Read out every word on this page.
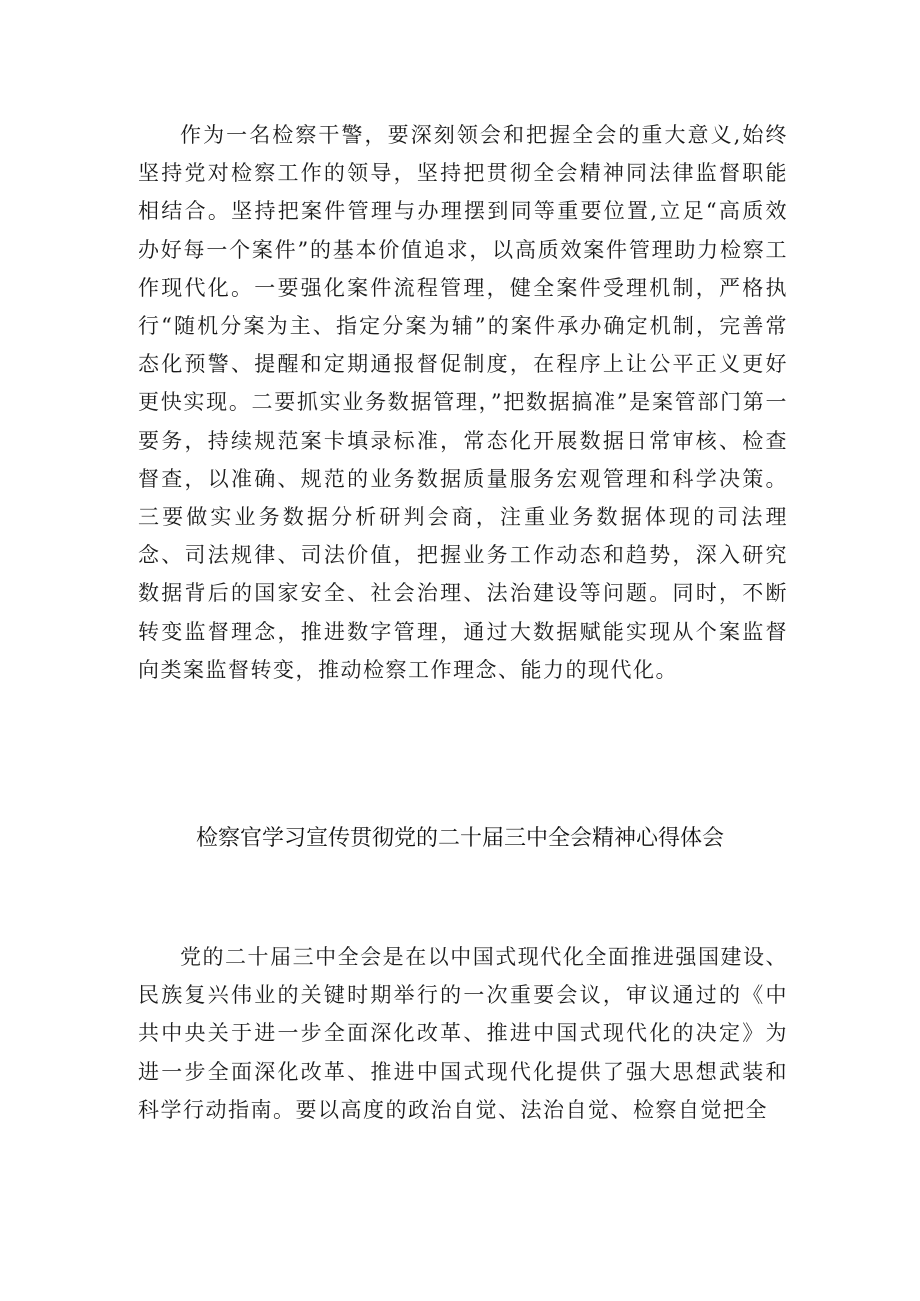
作为一名检察干警，要深刻领会和把握全会的重大意义,始终坚持党对检察工作的领导，坚持把贯彻全会精神同法律监督职能相结合。坚持把案件管理与办理摆到同等重要位置,立足“高质效办好每一个案件”的基本价值追求，以高质效案件管理助力检察工作现代化。一要强化案件流程管理，健全案件受理机制，严格执行“随机分案为主、指定分案为辅”的案件承办确定机制，完善常态化预警、提醒和定期通报督促制度，在程序上让公平正义更好更快实现。二要抓实业务数据管理，”把数据搞准”是案管部门第一要务，持续规范案卡填录标准，常态化开展数据日常审核、检查督查，以准确、规范的业务数据质量服务宏观管理和科学决策。三要做实业务数据分析研判会商，注重业务数据体现的司法理念、司法规律、司法价值，把握业务工作动态和趋势，深入研究数据背后的国家安全、社会治理、法治建设等问题。同时，不断转变监督理念，推进数字管理，通过大数据赋能实现从个案监督向类案监督转变，推动检察工作理念、能力的现代化。

检察官学习宣传贯彻党的二十届三中全会精神心得体会

党的二十届三中全会是在以中国式现代化全面推进强国建设、民族复兴伟业的关键时期举行的一次重要会议，审议通过的《中共中央关于进一步全面深化改革、推进中国式现代化的决定》为进一步全面深化改革、推进中国式现代化提供了强大思想武装和科学行动指南。要以高度的政治自觉、法治自觉、检察自觉把全
